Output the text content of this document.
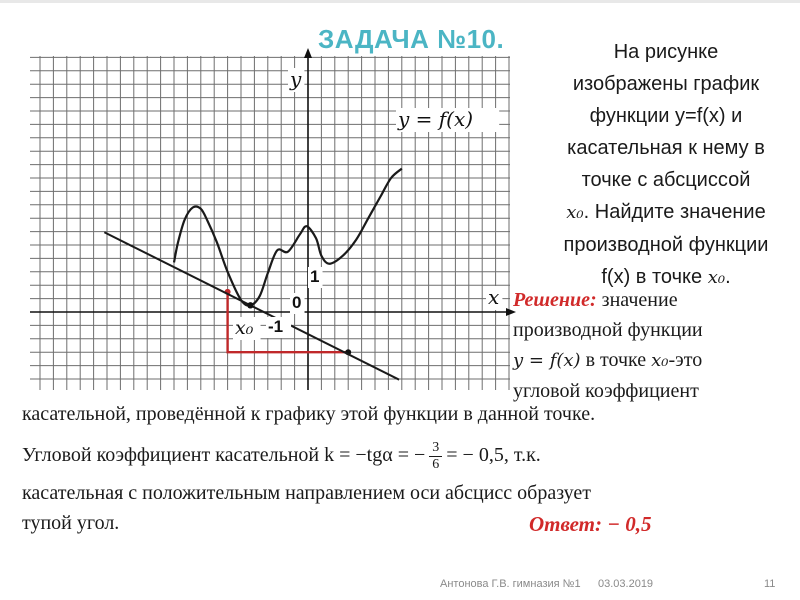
y
x
0
1
y = f(x)
x₀ -1
ЗАДАЧА №10.	На рисунке
изображены график
функции y=f(x) и
касательная к нему в
точке с абсциссой
x₀. Найдите значение
производной функции
f(x) в точке x₀.
Решение: значение
производной функции
y = f(x) в точке x₀-это
угловой коэффициент
касательной, проведённой к графику этой функции в данной точке.
Угловой коэффициент касательной k = −tgα = − $\frac{3}{6}$ = − 0,5, т.к.
касательная с положительным направлением оси абсцисс образует
тупой угол.	Ответ: − 0,5
Антонова Г.В. гимназия №1 03.03.2019	11
